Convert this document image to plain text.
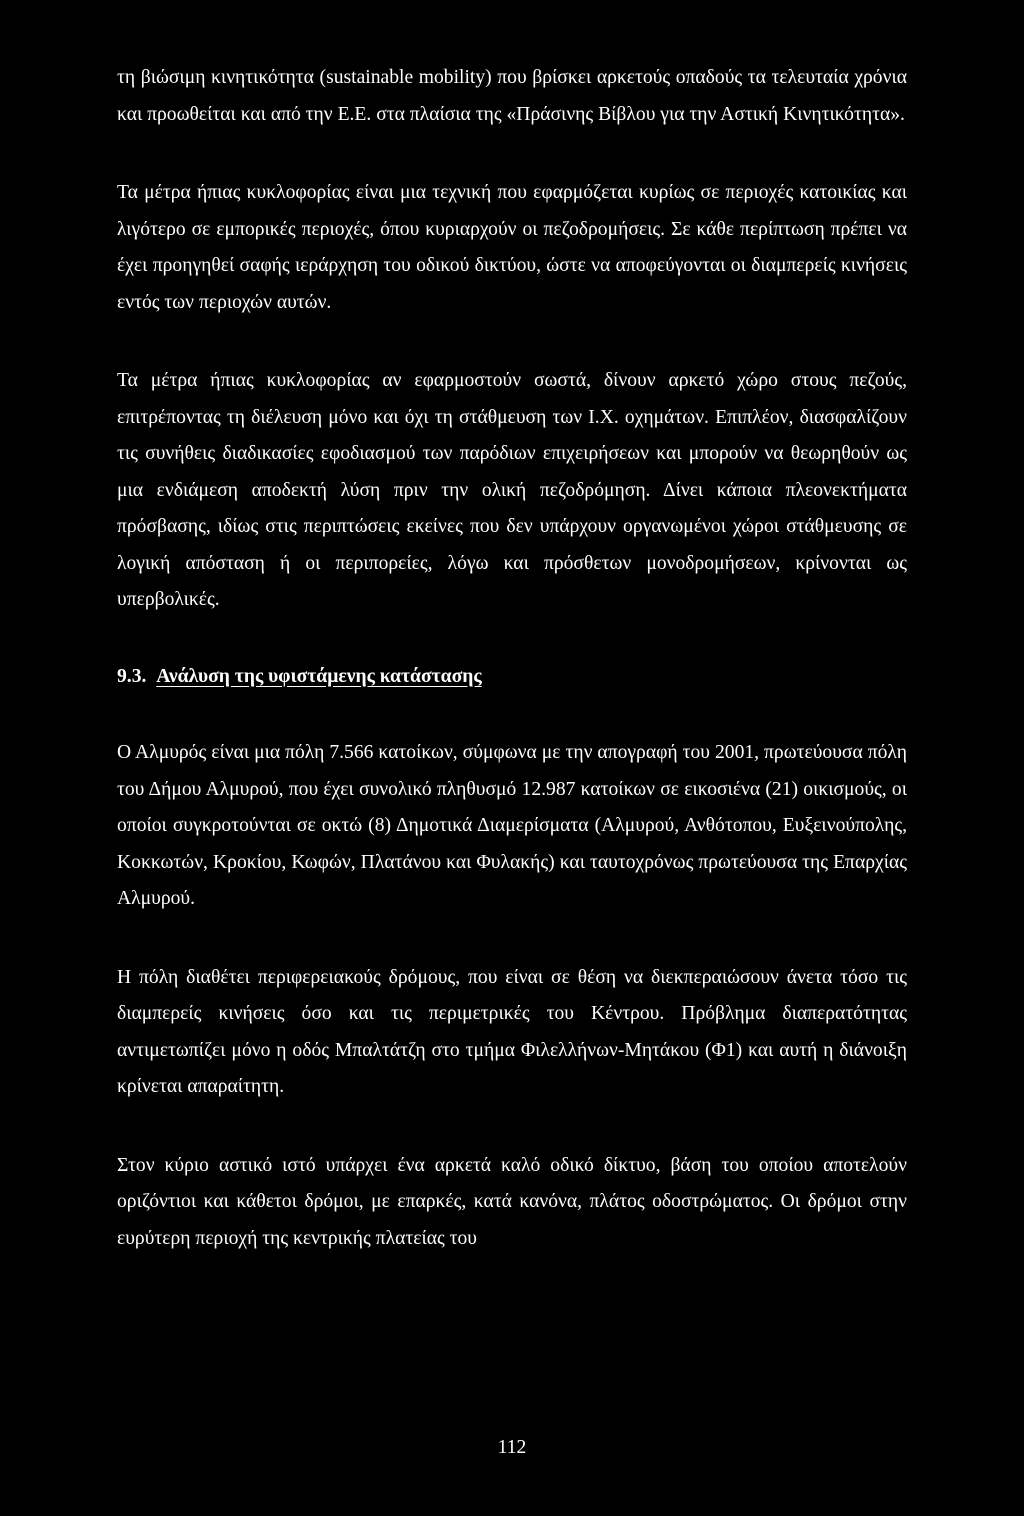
τη βιώσιμη κινητικότητα (sustainable mobility) που βρίσκει αρκετούς οπαδούς τα τελευταία χρόνια και προωθείται και από την Ε.Ε. στα πλαίσια της «Πράσινης Βίβλου για την Αστική Κινητικότητα».

Τα μέτρα ήπιας κυκλοφορίας είναι μια τεχνική που εφαρμόζεται κυρίως σε περιοχές κατοικίας και λιγότερο σε εμπορικές περιοχές, όπου κυριαρχούν οι πεζοδρομήσεις. Σε κάθε περίπτωση πρέπει να έχει προηγηθεί σαφής ιεράρχηση του οδικού δικτύου, ώστε να αποφεύγονται οι διαμπερείς κινήσεις εντός των περιοχών αυτών.

Τα μέτρα ήπιας κυκλοφορίας αν εφαρμοστούν σωστά, δίνουν αρκετό χώρο στους πεζούς, επιτρέποντας τη διέλευση μόνο και όχι τη στάθμευση των Ι.Χ. οχημάτων. Επιπλέον, διασφαλίζουν τις συνήθεις διαδικασίες εφοδιασμού των παρόδιων επιχειρήσεων και μπορούν να θεωρηθούν ως μια ενδιάμεση αποδεκτή λύση πριν την ολική πεζοδρόμηση. Δίνει κάποια πλεονεκτήματα πρόσβασης, ιδίως στις περιπτώσεις εκείνες που δεν υπάρχουν οργανωμένοι χώροι στάθμευσης σε λογική απόσταση ή οι περιπορείες, λόγω και πρόσθετων μονοδρομήσεων, κρίνονται ως υπερβολικές.

9.3. Ανάλυση της υφιστάμενης κατάστασης

Ο Αλμυρός είναι μια πόλη 7.566 κατοίκων, σύμφωνα με την απογραφή του 2001, πρωτεύουσα πόλη του Δήμου Αλμυρού, που έχει συνολικό πληθυσμό 12.987 κατοίκων σε εικοσιένα (21) οικισμούς, οι οποίοι συγκροτούνται σε οκτώ (8) Δημοτικά Διαμερίσματα (Αλμυρού, Ανθότοπου, Ευξεινούπολης, Κοκκωτών, Κροκίου, Κωφών, Πλατάνου και Φυλακής) και ταυτοχρόνως πρωτεύουσα της Επαρχίας Αλμυρού.

Η πόλη διαθέτει περιφερειακούς δρόμους, που είναι σε θέση να διεκπεραιώσουν άνετα τόσο τις διαμπερείς κινήσεις όσο και τις περιμετρικές του Κέντρου. Πρόβλημα διαπερατότητας αντιμετωπίζει μόνο η οδός Μπαλτάτζη στο τμήμα Φιλελλήνων-Μητάκου (Φ1) και αυτή η διάνοιξη κρίνεται απαραίτητη.

Στον κύριο αστικό ιστό υπάρχει ένα αρκετά καλό οδικό δίκτυο, βάση του οποίου αποτελούν οριζόντιοι και κάθετοι δρόμοι, με επαρκές, κατά κανόνα, πλάτος οδοστρώματος. Οι δρόμοι στην ευρύτερη περιοχή της κεντρικής πλατείας του

112
